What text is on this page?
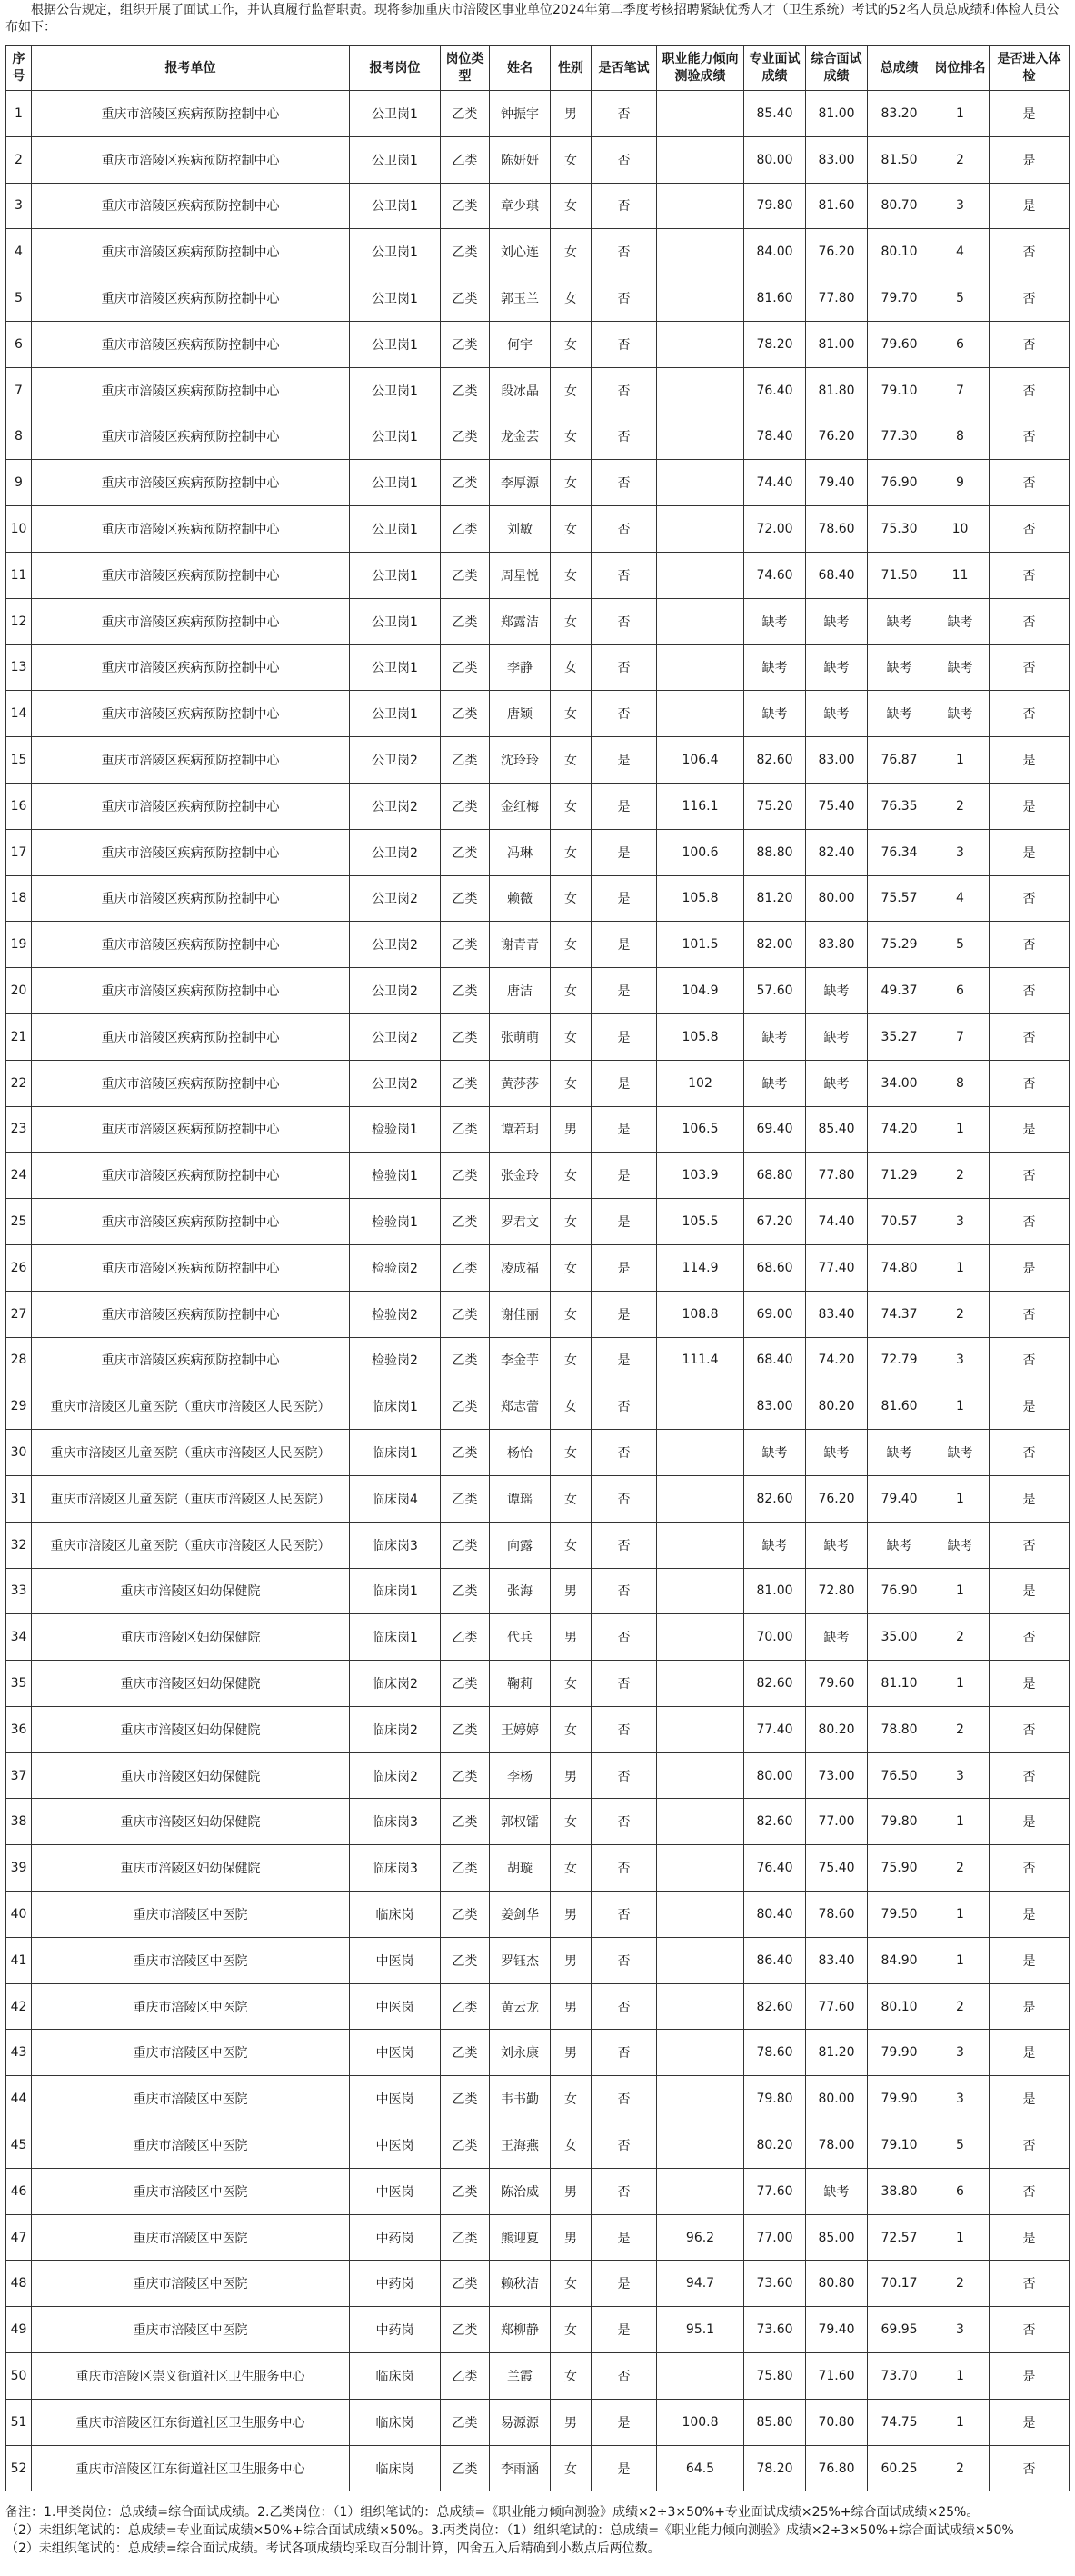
根据公告规定，组织开展了面试工作，并认真履行监督职责。现将参加重庆市涪陵区事业单位2024年第二季度考核招聘紧缺优秀人才（卫生系统）考试的52名人员总成绩和体检人员公布如下：
序号	报考单位	报考岗位	岗位类型	姓名	性别	是否笔试	职业能力倾向测验成绩	专业面试成绩	综合面试成绩	总成绩	岗位排名	是否进入体检
1	重庆市涪陵区疾病预防控制中心	公卫岗1	乙类	钟振宇	男	否		85.40	81.00	83.20	1	是
2	重庆市涪陵区疾病预防控制中心	公卫岗1	乙类	陈妍妍	女	否		80.00	83.00	81.50	2	是
3	重庆市涪陵区疾病预防控制中心	公卫岗1	乙类	章少琪	女	否		79.80	81.60	80.70	3	是
4	重庆市涪陵区疾病预防控制中心	公卫岗1	乙类	刘心连	女	否		84.00	76.20	80.10	4	否
5	重庆市涪陵区疾病预防控制中心	公卫岗1	乙类	郭玉兰	女	否		81.60	77.80	79.70	5	否
6	重庆市涪陵区疾病预防控制中心	公卫岗1	乙类	何宇	女	否		78.20	81.00	79.60	6	否
7	重庆市涪陵区疾病预防控制中心	公卫岗1	乙类	段冰晶	女	否		76.40	81.80	79.10	7	否
8	重庆市涪陵区疾病预防控制中心	公卫岗1	乙类	龙金芸	女	否		78.40	76.20	77.30	8	否
9	重庆市涪陵区疾病预防控制中心	公卫岗1	乙类	李厚源	女	否		74.40	79.40	76.90	9	否
10	重庆市涪陵区疾病预防控制中心	公卫岗1	乙类	刘敏	女	否		72.00	78.60	75.30	10	否
11	重庆市涪陵区疾病预防控制中心	公卫岗1	乙类	周星悦	女	否		74.60	68.40	71.50	11	否
12	重庆市涪陵区疾病预防控制中心	公卫岗1	乙类	郑露洁	女	否		缺考	缺考	缺考	缺考	否
13	重庆市涪陵区疾病预防控制中心	公卫岗1	乙类	李静	女	否		缺考	缺考	缺考	缺考	否
14	重庆市涪陵区疾病预防控制中心	公卫岗1	乙类	唐颖	女	否		缺考	缺考	缺考	缺考	否
15	重庆市涪陵区疾病预防控制中心	公卫岗2	乙类	沈玲玲	女	是	106.4	82.60	83.00	76.87	1	是
16	重庆市涪陵区疾病预防控制中心	公卫岗2	乙类	金红梅	女	是	116.1	75.20	75.40	76.35	2	是
17	重庆市涪陵区疾病预防控制中心	公卫岗2	乙类	冯琳	女	是	100.6	88.80	82.40	76.34	3	是
18	重庆市涪陵区疾病预防控制中心	公卫岗2	乙类	赖薇	女	是	105.8	81.20	80.00	75.57	4	否
19	重庆市涪陵区疾病预防控制中心	公卫岗2	乙类	谢青青	女	是	101.5	82.00	83.80	75.29	5	否
20	重庆市涪陵区疾病预防控制中心	公卫岗2	乙类	唐洁	女	是	104.9	57.60	缺考	49.37	6	否
21	重庆市涪陵区疾病预防控制中心	公卫岗2	乙类	张萌萌	女	是	105.8	缺考	缺考	35.27	7	否
22	重庆市涪陵区疾病预防控制中心	公卫岗2	乙类	黄莎莎	女	是	102	缺考	缺考	34.00	8	否
23	重庆市涪陵区疾病预防控制中心	检验岗1	乙类	谭若玥	男	是	106.5	69.40	85.40	74.20	1	是
24	重庆市涪陵区疾病预防控制中心	检验岗1	乙类	张金玲	女	是	103.9	68.80	77.80	71.29	2	否
25	重庆市涪陵区疾病预防控制中心	检验岗1	乙类	罗君文	女	是	105.5	67.20	74.40	70.57	3	否
26	重庆市涪陵区疾病预防控制中心	检验岗2	乙类	凌成福	女	是	114.9	68.60	77.40	74.80	1	是
27	重庆市涪陵区疾病预防控制中心	检验岗2	乙类	谢佳丽	女	是	108.8	69.00	83.40	74.37	2	否
28	重庆市涪陵区疾病预防控制中心	检验岗2	乙类	李金芋	女	是	111.4	68.40	74.20	72.79	3	否
29	重庆市涪陵区儿童医院（重庆市涪陵区人民医院）	临床岗1	乙类	郑志蕾	女	否		83.00	80.20	81.60	1	是
30	重庆市涪陵区儿童医院（重庆市涪陵区人民医院）	临床岗1	乙类	杨怡	女	否		缺考	缺考	缺考	缺考	否
31	重庆市涪陵区儿童医院（重庆市涪陵区人民医院）	临床岗4	乙类	谭瑶	女	否		82.60	76.20	79.40	1	是
32	重庆市涪陵区儿童医院（重庆市涪陵区人民医院）	临床岗3	乙类	向露	女	否		缺考	缺考	缺考	缺考	否
33	重庆市涪陵区妇幼保健院	临床岗1	乙类	张海	男	否		81.00	72.80	76.90	1	是
34	重庆市涪陵区妇幼保健院	临床岗1	乙类	代兵	男	否		70.00	缺考	35.00	2	否
35	重庆市涪陵区妇幼保健院	临床岗2	乙类	鞠莉	女	否		82.60	79.60	81.10	1	是
36	重庆市涪陵区妇幼保健院	临床岗2	乙类	王婷婷	女	否		77.40	80.20	78.80	2	否
37	重庆市涪陵区妇幼保健院	临床岗2	乙类	李杨	男	否		80.00	73.00	76.50	3	否
38	重庆市涪陵区妇幼保健院	临床岗3	乙类	郭权镭	女	否		82.60	77.00	79.80	1	是
39	重庆市涪陵区妇幼保健院	临床岗3	乙类	胡璇	女	否		76.40	75.40	75.90	2	否
40	重庆市涪陵区中医院	临床岗	乙类	姜剑华	男	否		80.40	78.60	79.50	1	是
41	重庆市涪陵区中医院	中医岗	乙类	罗钰杰	男	否		86.40	83.40	84.90	1	是
42	重庆市涪陵区中医院	中医岗	乙类	黄云龙	男	否		82.60	77.60	80.10	2	是
43	重庆市涪陵区中医院	中医岗	乙类	刘永康	男	否		78.60	81.20	79.90	3	是
44	重庆市涪陵区中医院	中医岗	乙类	韦书勤	女	否		79.80	80.00	79.90	3	是
45	重庆市涪陵区中医院	中医岗	乙类	王海燕	女	否		80.20	78.00	79.10	5	否
46	重庆市涪陵区中医院	中医岗	乙类	陈治威	男	否		77.60	缺考	38.80	6	否
47	重庆市涪陵区中医院	中药岗	乙类	熊迎夏	男	是	96.2	77.00	85.00	72.57	1	是
48	重庆市涪陵区中医院	中药岗	乙类	赖秋洁	女	是	94.7	73.60	80.80	70.17	2	否
49	重庆市涪陵区中医院	中药岗	乙类	郑柳静	女	是	95.1	73.60	79.40	69.95	3	否
50	重庆市涪陵区崇义街道社区卫生服务中心	临床岗	乙类	兰霞	女	否		75.80	71.60	73.70	1	是
51	重庆市涪陵区江东街道社区卫生服务中心	临床岗	乙类	易源源	男	是	100.8	85.80	70.80	74.75	1	是
52	重庆市涪陵区江东街道社区卫生服务中心	临床岗	乙类	李雨涵	女	是	64.5	78.20	76.80	60.25	2	否
备注：1.甲类岗位：总成绩=综合面试成绩。2.乙类岗位：（1）组织笔试的：总成绩=《职业能力倾向测验》成绩×2÷3×50%+专业面试成绩×25%+综合面试成绩×25%。
（2）未组织笔试的：总成绩=专业面试成绩×50%+综合面试成绩×50%。3.丙类岗位：（1）组织笔试的：总成绩=《职业能力倾向测验》成绩×2÷3×50%+综合面试成绩×50%
（2）未组织笔试的：总成绩=综合面试成绩。考试各项成绩均采取百分制计算，四舍五入后精确到小数点后两位数。
